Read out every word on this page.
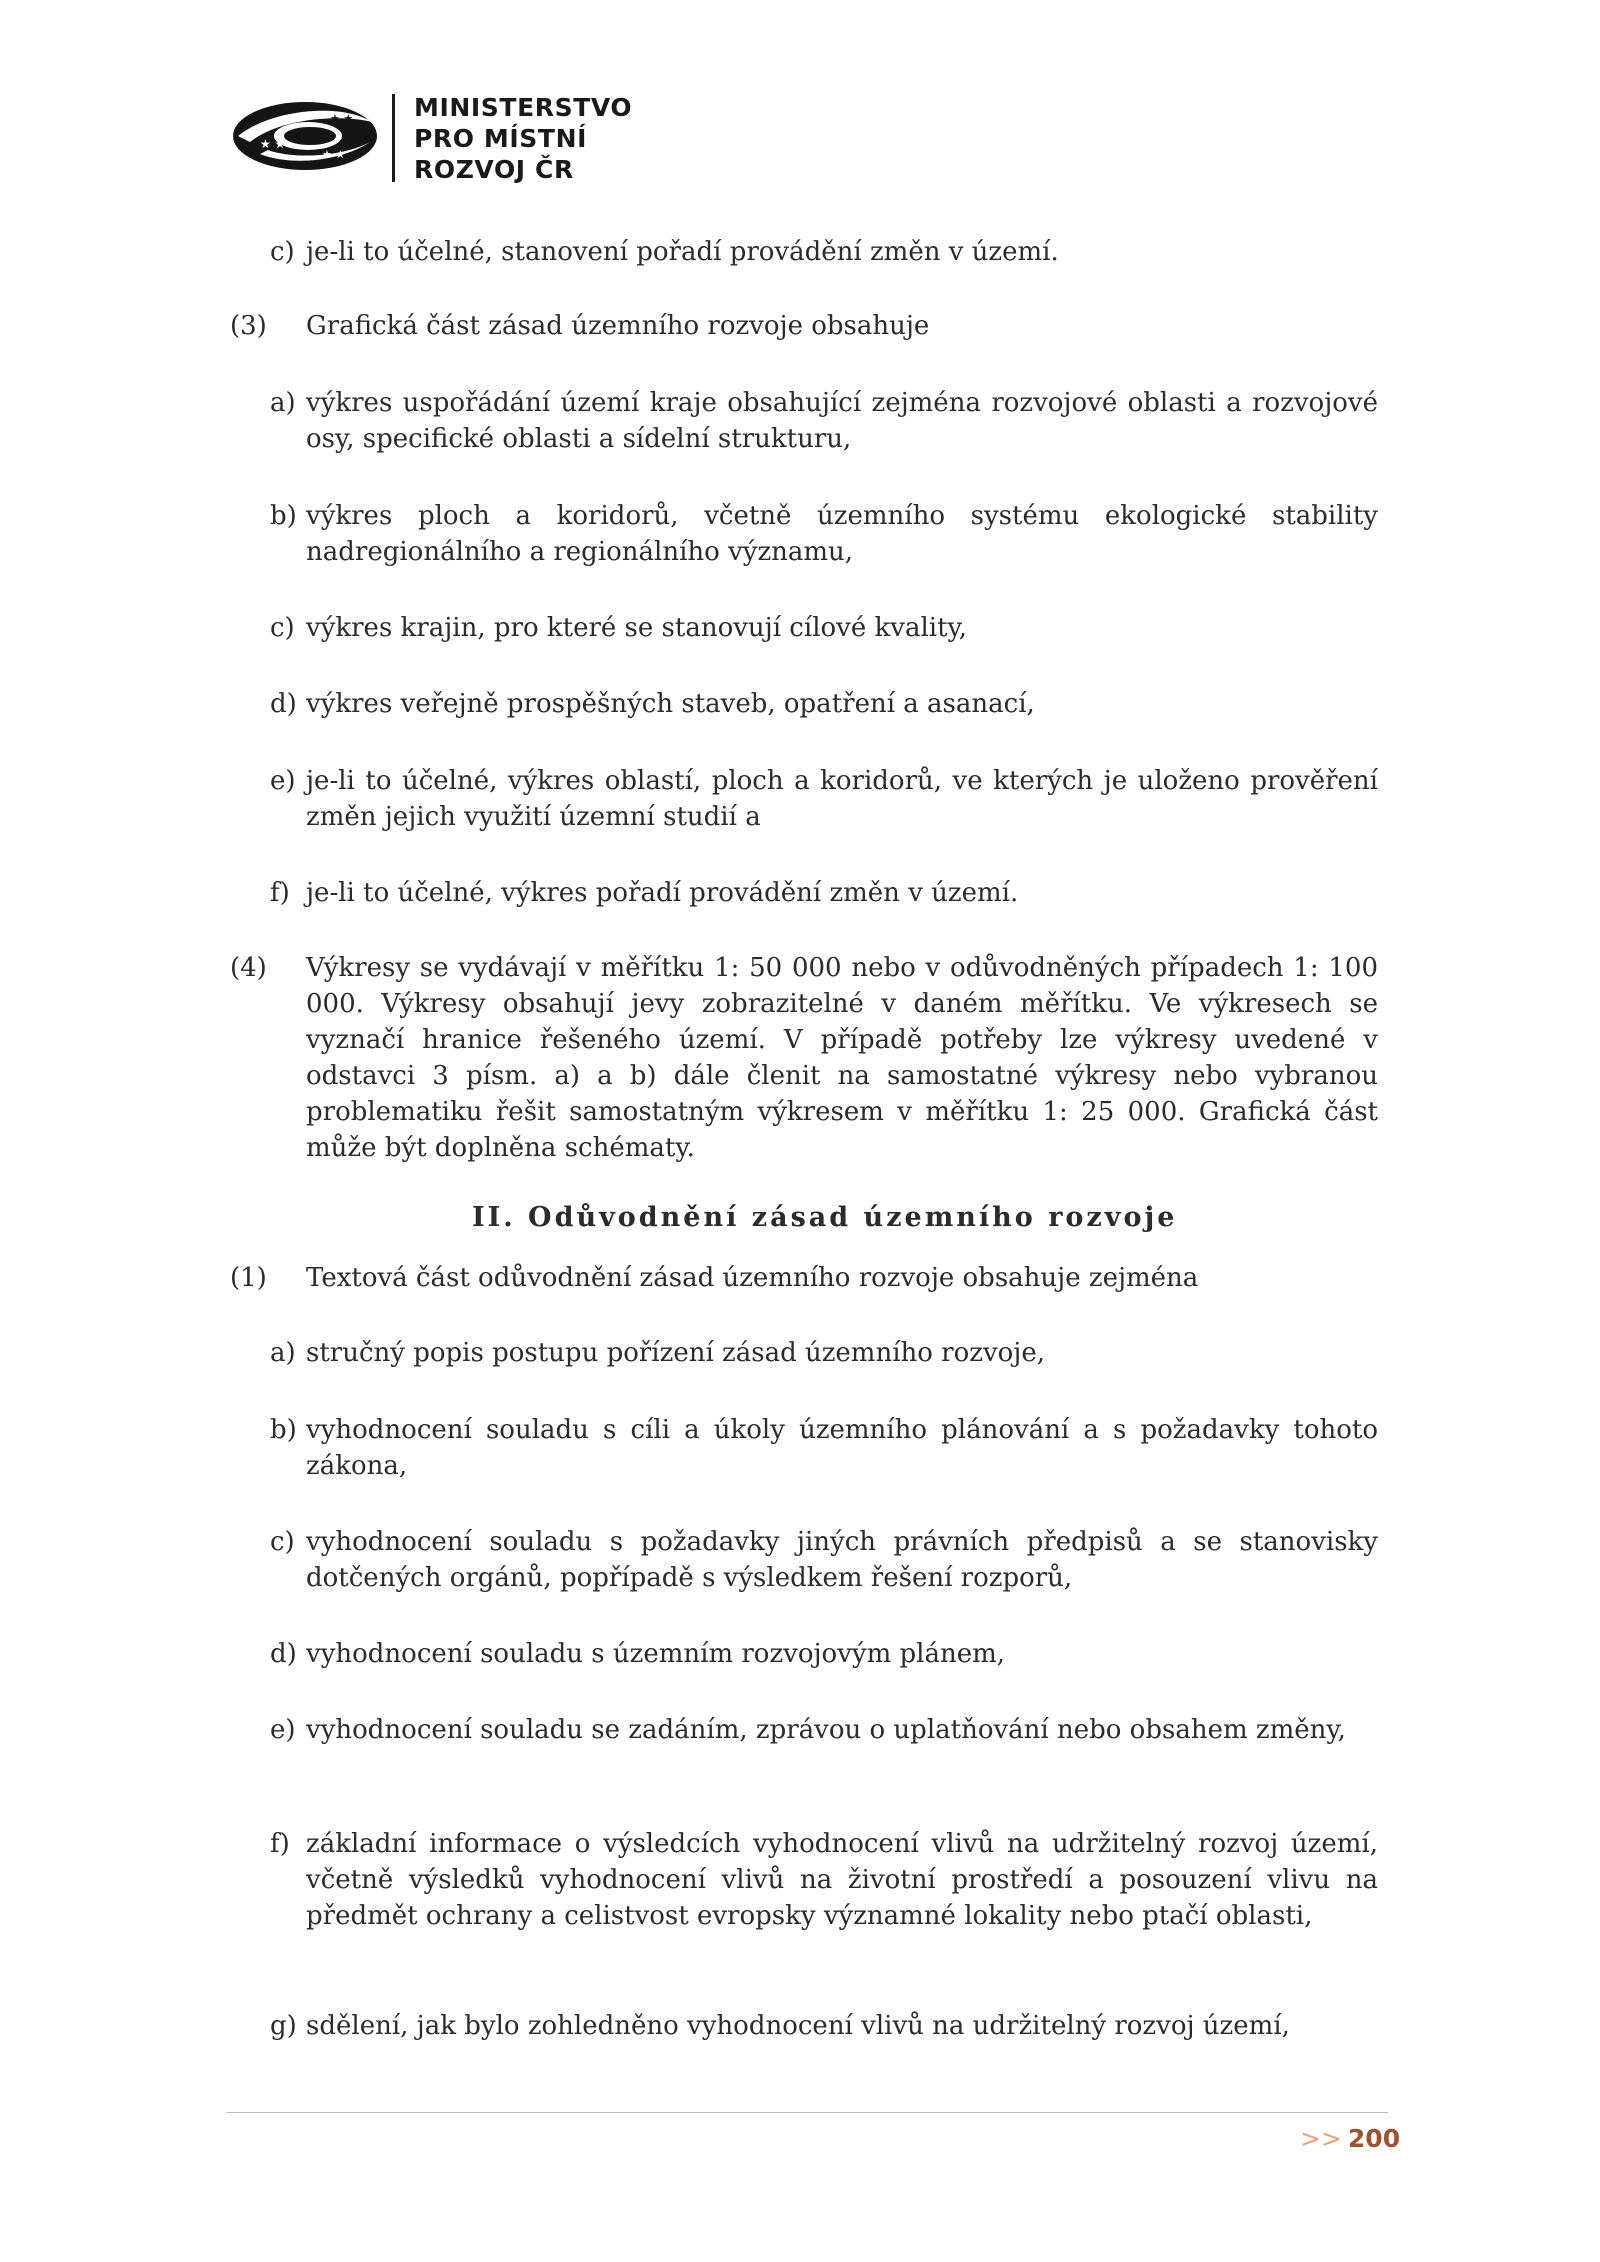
★ ★
★ ★
★ ★
MINISTERSTVO
PRO MÍSTNÍ
ROZVOJ ČR
c) je-li to účelné, stanovení pořadí provádění změn v území.
(3) Grafická část zásad územního rozvoje obsahuje
a) výkres uspořádání území kraje obsahující zejména rozvojové oblasti a rozvojové osy, specifické oblasti a sídelní strukturu,
b) výkres ploch a koridorů, včetně územního systému ekologické stability nadregionálního a regionálního významu,
c) výkres krajin, pro které se stanovují cílové kvality,
d) výkres veřejně prospěšných staveb, opatření a asanací,
e) je-li to účelné, výkres oblastí, ploch a koridorů, ve kterých je uloženo prověření změn jejich využití územní studií a
f) je-li to účelné, výkres pořadí provádění změn v území.
(4) Výkresy se vydávají v měřítku 1: 50 000 nebo v odůvodněných případech 1: 100 000. Výkresy obsahují jevy zobrazitelné v daném měřítku. Ve výkresech se vyznačí hranice řešeného území. V případě potřeby lze výkresy uvedené v odstavci 3 písm. a) a b) dále členit na samostatné výkresy nebo vybranou problematiku řešit samostatným výkresem v měřítku 1: 25 000. Grafická část může být doplněna schématy.
II. Odůvodnění zásad územního rozvoje
(1) Textová část odůvodnění zásad územního rozvoje obsahuje zejména
a) stručný popis postupu pořízení zásad územního rozvoje,
b) vyhodnocení souladu s cíli a úkoly územního plánování a s požadavky tohoto zákona,
c) vyhodnocení souladu s požadavky jiných právních předpisů a se stanovisky dotčených orgánů, popřípadě s výsledkem řešení rozporů,
d) vyhodnocení souladu s územním rozvojovým plánem,
e) vyhodnocení souladu se zadáním, zprávou o uplatňování nebo obsahem změny,
f) základní informace o výsledcích vyhodnocení vlivů na udržitelný rozvoj území, včetně výsledků vyhodnocení vlivů na životní prostředí a posouzení vlivu na předmět ochrany a celistvost evropsky významné lokality nebo ptačí oblasti,
g) sdělení, jak bylo zohledněno vyhodnocení vlivů na udržitelný rozvoj území,
>> 200
